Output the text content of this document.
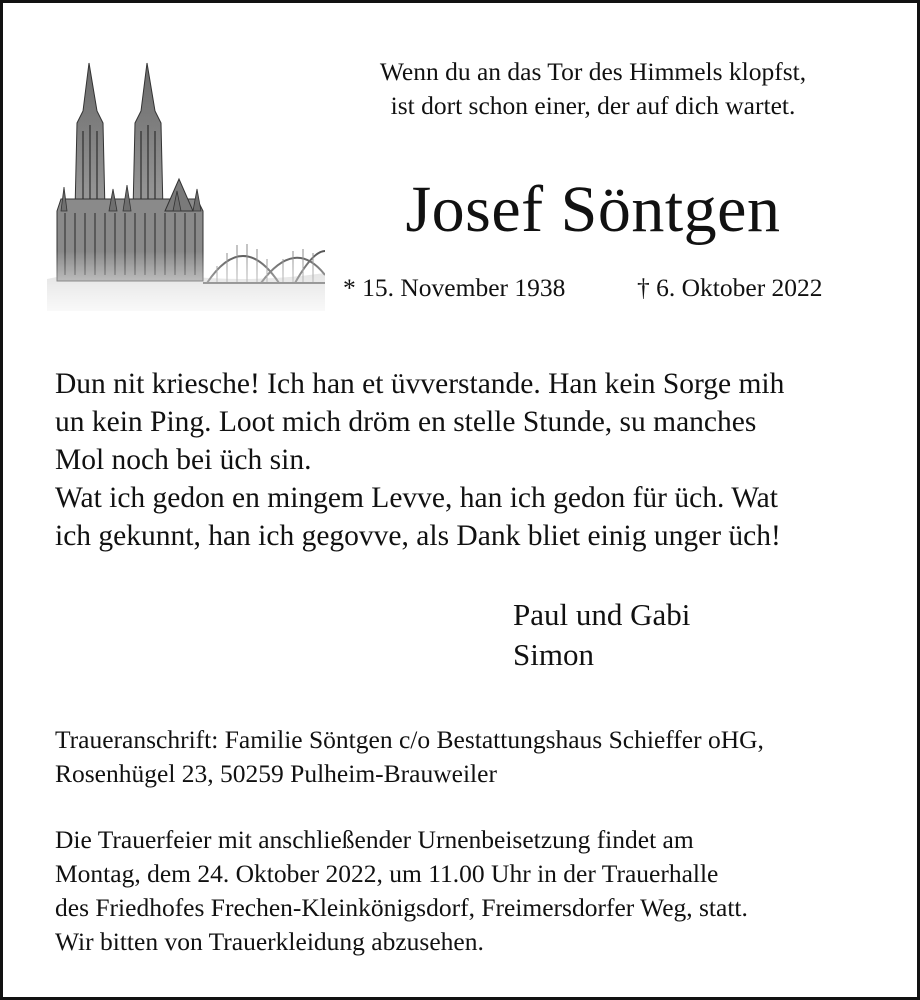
Wenn du an das Tor des Himmels klopfst,
ist dort schon einer, der auf dich wartet.
Josef Söntgen
* 15. November 1938	† 6. Oktober 2022
Dun nit kriesche! Ich han et üvverstande. Han kein Sorge mih
un kein Ping. Loot mich dröm en stelle Stunde, su manches
Mol noch bei üch sin.
Wat ich gedon en mingem Levve, han ich gedon für üch. Wat
ich gekunnt, han ich gegovve, als Dank bliet einig unger üch!
Paul und Gabi
Simon
Traueranschrift: Familie Söntgen c/o Bestattungshaus Schieffer oHG,
Rosenhügel 23, 50259 Pulheim-Brauweiler
Die Trauerfeier mit anschließender Urnenbeisetzung findet am
Montag, dem 24. Oktober 2022, um 11.00 Uhr in der Trauerhalle
des Friedhofes Frechen-Kleinkönigsdorf, Freimersdorfer Weg, statt.
Wir bitten von Trauerkleidung abzusehen.
